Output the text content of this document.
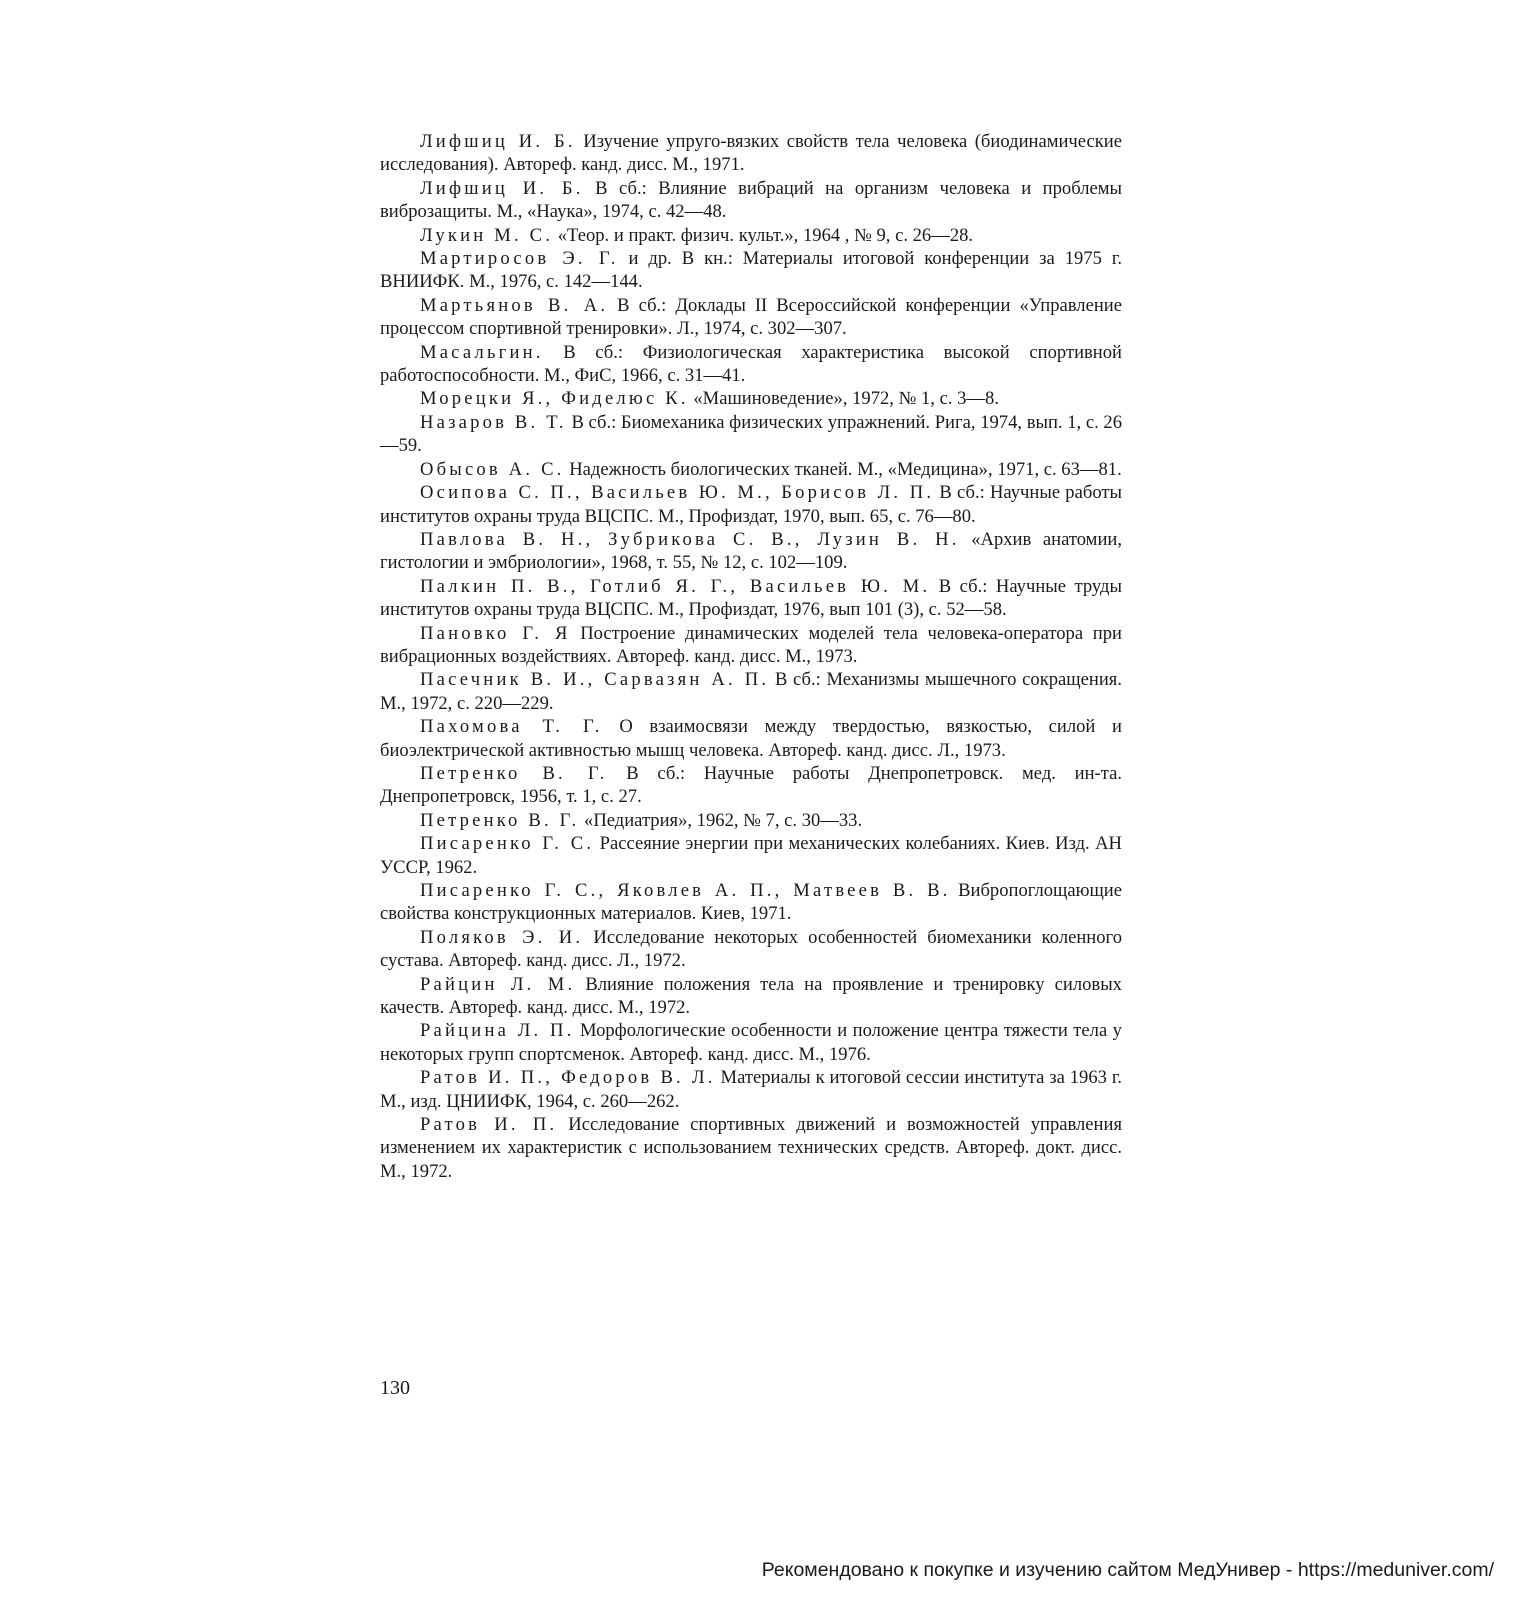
Лифшиц И. Б. Изучение упруго-вязких свойств тела человека (биодинамические исследования). Автореф. канд. дисс. М., 1971.
Лифшиц И. Б. В сб.: Влияние вибраций на организм человека и проблемы виброзащиты. М., «Наука», 1974, с. 42—48.
Лукин М. С. «Теор. и практ. физич. культ.», 1964 , № 9, с. 26—28.
Мартиросов Э. Г. и др. В кн.: Материалы итоговой конференции за 1975 г. ВНИИФК. М., 1976, с. 142—144.
Мартьянов В. А. В сб.: Доклады II Всероссийской конференции «Управление процессом спортивной тренировки». Л., 1974, с. 302—307.
Масальгин. В сб.: Физиологическая характеристика высокой спортивной работоспособности. М., ФиС, 1966, с. 31—41.
Морецки Я., Фиделюс К. «Машиноведение», 1972, № 1, с. 3—8.
Назаров В. Т. В сб.: Биомеханика физических упражнений. Рига, 1974, вып. 1, с. 26—59.
Обысов А. С. Надежность биологических тканей. М., «Медицина», 1971, с. 63—81.
Осипова С. П., Васильев Ю. М., Борисов Л. П. В сб.: Научные работы институтов охраны труда ВЦСПС. М., Профиздат, 1970, вып. 65, с. 76—80.
Павлова В. Н., Зубрикова С. В., Лузин В. Н. «Архив анатомии, гистологии и эмбриологии», 1968, т. 55, № 12, с. 102—109.
Палкин П. В., Готлиб Я. Г., Васильев Ю. М. В сб.: Научные труды институтов охраны труда ВЦСПС. М., Профиздат, 1976, вып 101 (3), с. 52—58.
Пановко Г. Я Построение динамических моделей тела человека-оператора при вибрационных воздействиях. Автореф. канд. дисс. М., 1973.
Пасечник В. И., Сарвазян А. П. В сб.: Механизмы мышечного сокращения. М., 1972, с. 220—229.
Пахомова Т. Г. О взаимосвязи между твердостью, вязкостью, силой и биоэлектрической активностью мышц человека. Автореф. канд. дисс. Л., 1973.
Петренко В. Г. В сб.: Научные работы Днепропетровск. мед. ин-та. Днепропетровск, 1956, т. 1, с. 27.
Петренко В. Г. «Педиатрия», 1962, № 7, с. 30—33.
Писаренко Г. С. Рассеяние энергии при механических колебаниях. Киев. Изд. АН УССР, 1962.
Писаренко Г. С., Яковлев А. П., Матвеев В. В. Вибропоглощающие свойства конструкционных материалов. Киев, 1971.
Поляков Э. И. Исследование некоторых особенностей биомеханики коленного сустава. Автореф. канд. дисс. Л., 1972.
Райцин Л. М. Влияние положения тела на проявление и тренировку силовых качеств. Автореф. канд. дисс. М., 1972.
Райцина Л. П. Морфологические особенности и положение центра тяжести тела у некоторых групп спортсменок. Автореф. канд. дисс. М., 1976.
Ратов И. П., Федоров В. Л. Материалы к итоговой сессии института за 1963 г. М., изд. ЦНИИФК, 1964, с. 260—262.
Ратов И. П. Исследование спортивных движений и возможностей управления изменением их характеристик с использованием технических средств. Автореф. докт. дисс. М., 1972.
130
Рекомендовано к покупке и изучению сайтом МедУнивер - https://meduniver.com/
